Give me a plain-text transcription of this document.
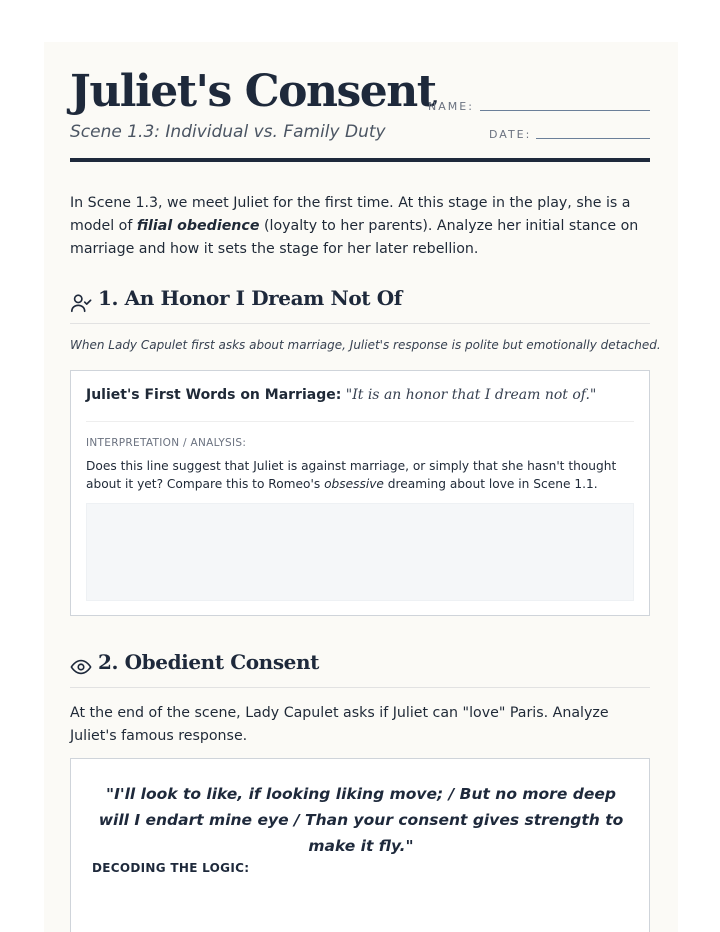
Juliet's Consent
Scene 1.3: Individual vs. Family Duty
NAME:
DATE:

In Scene 1.3, we meet Juliet for the first time. At this stage in the play, she is a model of filial obedience (loyalty to her parents). Analyze her initial stance on marriage and how it sets the stage for her later rebellion.

1. An Honor I Dream Not Of
When Lady Capulet first asks about marriage, Juliet's response is polite but emotionally detached.
Juliet's First Words on Marriage: "It is an honor that I dream not of."
INTERPRETATION / ANALYSIS:
Does this line suggest that Juliet is against marriage, or simply that she hasn't thought about it yet? Compare this to Romeo's obsessive dreaming about love in Scene 1.1.
2. Obedient Consent

At the end of the scene, Lady Capulet asks if Juliet can "love" Paris. Analyze Juliet's famous response.

"I'll look to like, if looking liking move; / But no more deep will I endart mine eye / Than your consent gives strength to make it fly."
DECODING THE LOGIC:
